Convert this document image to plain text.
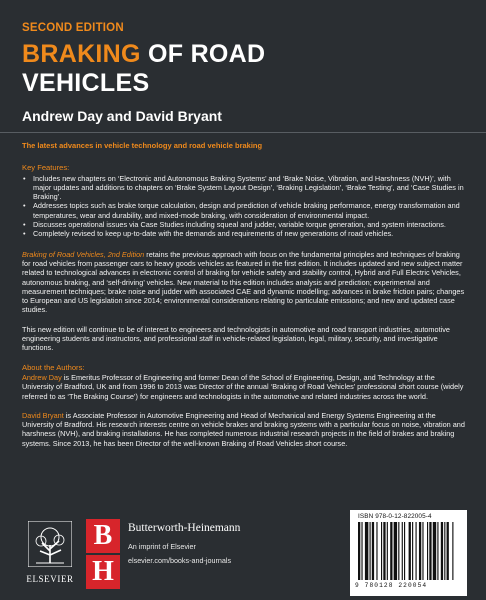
SECOND EDITION
BRAKING OF ROAD
VEHICLES
Andrew Day and David Bryant
The latest advances in vehicle technology and road vehicle braking
Key Features:
• Includes new chapters on ‘Electronic and Autonomous Braking Systems’ and ‘Brake Noise, Vibration, and Harshness (NVH)’, with major updates and additions to chapters on ‘Brake System Layout Design’, ‘Braking Legislation’, ‘Brake Testing’, and ‘Case Studies in Braking’.
• Addresses topics such as brake torque calculation, design and prediction of vehicle braking performance, energy transformation and temperatures, wear and durability, and mixed-mode braking, with consideration of environmental impact.
• Discusses operational issues via Case Studies including squeal and judder, variable torque generation, and system interactions.
• Completely revised to keep up-to-date with the demands and requirements of new generations of road vehicles.

Braking of Road Vehicles, 2nd Edition retains the previous approach with focus on the fundamental principles and techniques of braking for road vehicles from passenger cars to heavy goods vehicles as featured in the first edition. It includes updated and new subject matter related to technological advances in electronic control of braking for vehicle safety and stability control, Hybrid and Full Electric Vehicles, autonomous braking, and ‘self-driving’ vehicles. New material to this edition includes analysis and prediction; experimental and measurement techniques; brake noise and judder with associated CAE and dynamic modelling; advances in brake friction pairs; changes to European and US legislation since 2014; environmental considerations relating to particulate emissions; and new and updated case studies.

This new edition will continue to be of interest to engineers and technologists in automotive and road transport industries, automotive engineering students and instructors, and professional staff in vehicle-related legislation, legal, military, security, and investigative functions.

About the Authors:

Andrew Day is Emeritus Professor of Engineering and former Dean of the School of Engineering, Design, and Technology at the University of Bradford, UK and from 1996 to 2013 was Director of the annual ‘Braking of Road Vehicles’ professional short course (widely referred to as ‘The Braking Course’) for engineers and technologists in the automotive and related industries across the world.

David Bryant is Associate Professor in Automotive Engineering and Head of Mechanical and Energy Systems Engineering at the University of Bradford. His research interests centre on vehicle brakes and braking systems with a particular focus on noise, vibration and harshness (NVH), and braking installations. He has completed numerous industrial research projects in the field of brakes and braking systems. Since 2013, he has been Director of the well-known Braking of Road Vehicles short course.

ELSEVIER
B
H
Butterworth-Heinemann
An imprint of Elsevier
elsevier.com/books-and-journals
ISBN 978-0-12-822005-4
9 780128 220054
